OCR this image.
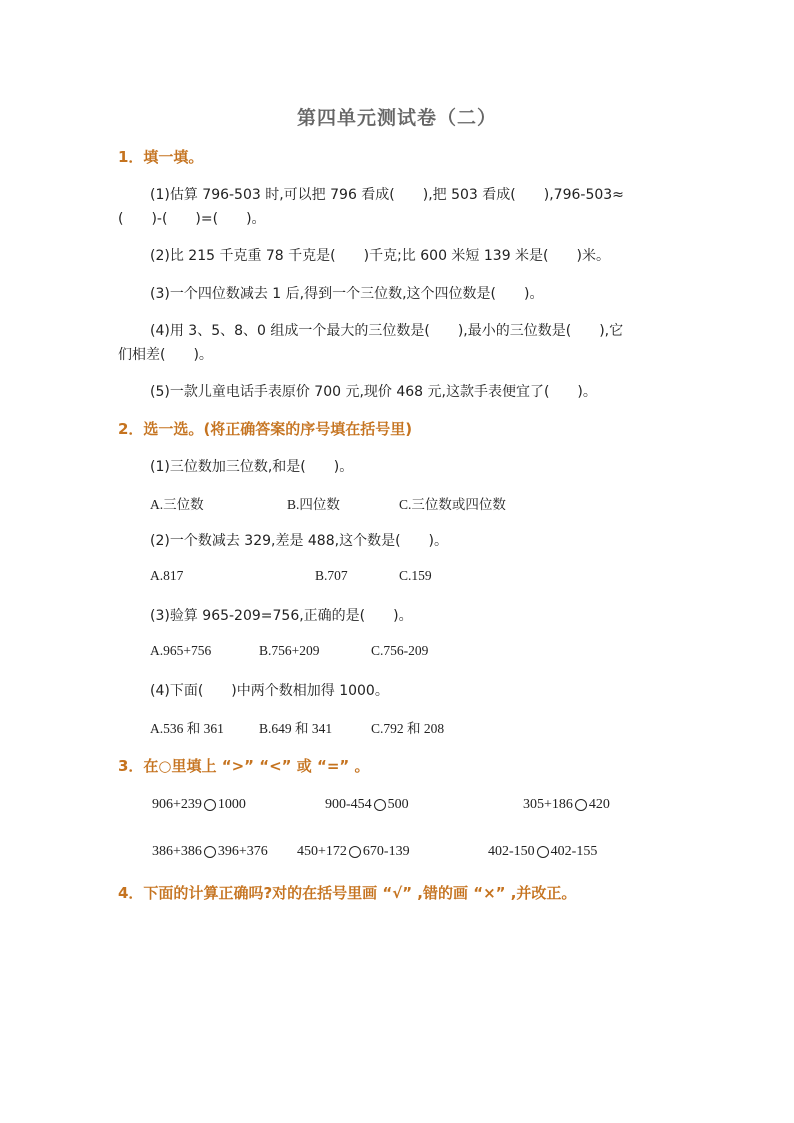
第四单元测试卷（二）
1．填一填。
(1)估算 796-503 时,可以把 796 看成(　　),把 503 看成(　　),796-503≈
(　　)-(　　)=(　　)。
(2)比 215 千克重 78 千克是(　　)千克;比 600 米短 139 米是(　　)米。
(3)一个四位数减去 1 后,得到一个三位数,这个四位数是(　　)。
(4)用 3、5、8、0 组成一个最大的三位数是(　　),最小的三位数是(　　),它
们相差(　　)。
(5)一款儿童电话手表原价 700 元,现价 468 元,这款手表便宜了(　　)。
2．选一选。(将正确答案的序号填在括号里)
(1)三位数加三位数,和是(　　)。
A.三位数	B.四位数	C.三位数或四位数
(2)一个数减去 329,差是 488,这个数是(　　)。
A.817	B.707	C.159
(3)验算 965-209=756,正确的是(　　)。
A.965+756	B.756+209	C.756-209
(4)下面(　　)中两个数相加得 1000。
A.536 和 361	B.649 和 341	C.792 和 208
3．在○里填上 “>” “<” 或 “=” 。
906+239 1000	900-454 500	305+186 420
386+386 396+376 450+172 670-139	402-150 402-155
4．下面的计算正确吗?对的在括号里画 “√” ,错的画 “×” ,并改正。
